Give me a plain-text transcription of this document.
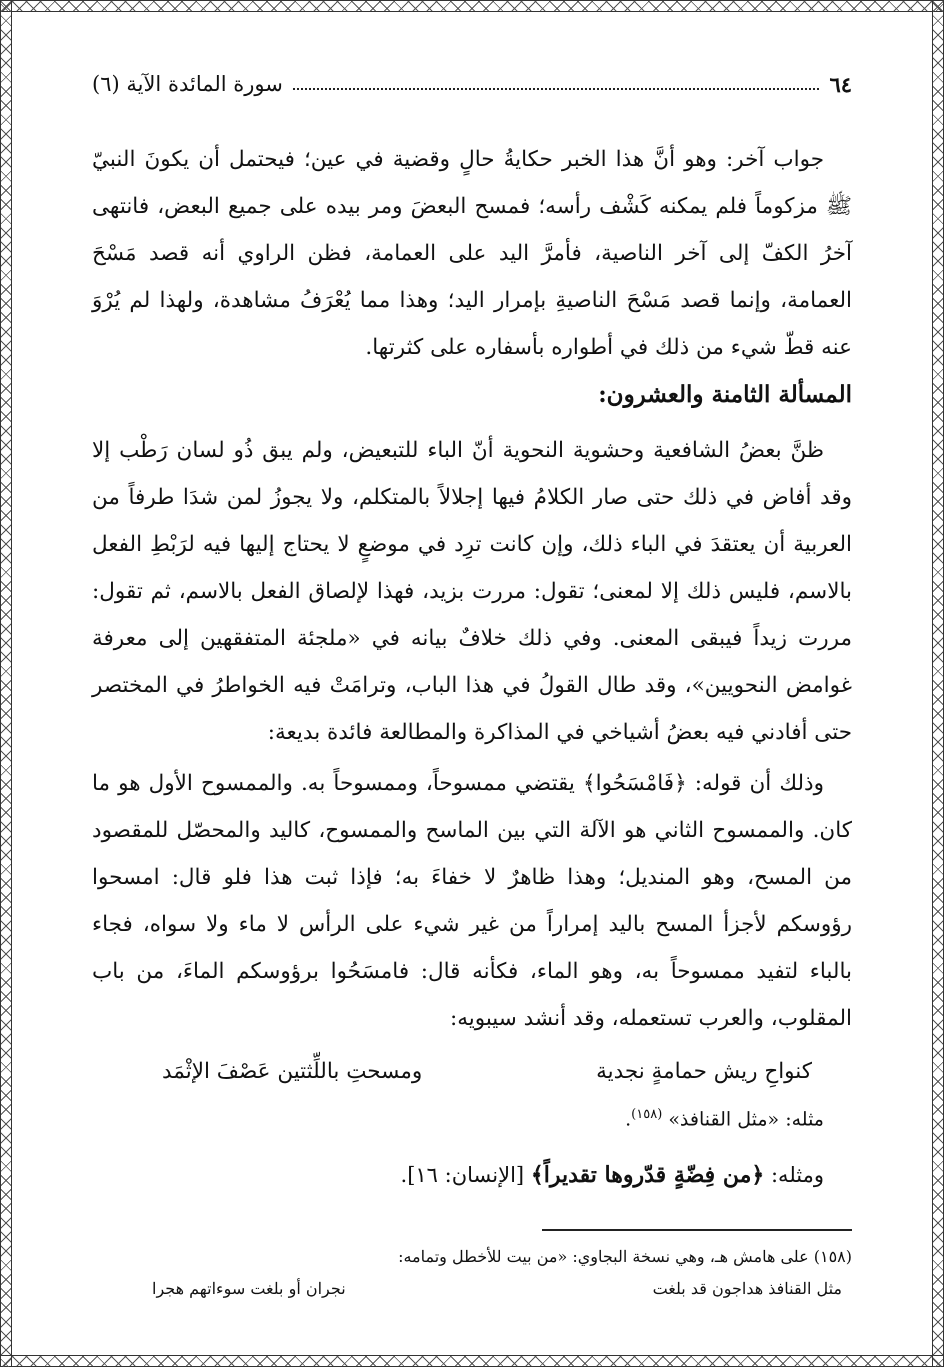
٦٤
سورة المائدة الآية (٦)

جواب آخر: وهو أنَّ هذا الخبر حكايةُ حالٍ وقضية في عين؛ فيحتمل أن يكونَ النبيّ ﷺ مزكوماً فلم يمكنه كَشْف رأسه؛ فمسح البعضَ ومر بيده على جميع البعض، فانتهى آخرُ الكفّ إلى آخر الناصية، فأمرَّ اليد على العمامة، فظن الراوي أنه قصد مَسْحَ العمامة، وإنما قصد مَسْحَ الناصيةِ بإمرار اليد؛ وهذا مما يُعْرَفُ مشاهدة، ولهذا لم يُرْوَ عنه قطّ شيء من ذلك في أطواره بأسفاره على كثرتها.

المسألة الثامنة والعشرون:

ظنَّ بعضُ الشافعية وحشوية النحوية أنّ الباء للتبعيض، ولم يبق ذُو لسان رَطْب إلا وقد أفاض في ذلك حتى صار الكلامُ فيها إجلالاً بالمتكلم، ولا يجوزُ لمن شدَا طرفاً من العربية أن يعتقدَ في الباء ذلك، وإن كانت ترِد في موضعٍ لا يحتاج إليها فيه لرَبْطِ الفعل بالاسم، فليس ذلك إلا لمعنى؛ تقول: مررت بزيد، فهذا لإلصاق الفعل بالاسم، ثم تقول: مررت زيداً فيبقى المعنى. وفي ذلك خلافٌ بيانه في «ملجئة المتفقهين إلى معرفة غوامض النحويين»، وقد طال القولُ في هذا الباب، وترامَتْ فيه الخواطرُ في المختصر حتى أفادني فيه بعضُ أشياخي في المذاكرة والمطالعة فائدة بديعة:

وذلك أن قوله: ﴿فَامْسَحُوا﴾ يقتضي ممسوحاً، وممسوحاً به. والممسوح الأول هو ما كان. والممسوح الثاني هو الآلة التي بين الماسح والممسوح، كاليد والمحصّل للمقصود من المسح، وهو المنديل؛ وهذا ظاهرٌ لا خفاءَ به؛ فإذا ثبت هذا فلو قال: امسحوا رؤوسكم لأجزأ المسح باليد إمراراً من غير شيء على الرأس لا ماء ولا سواه، فجاء بالباء لتفيد ممسوحاً به، وهو الماء، فكأنه قال: فامسَحُوا برؤوسكم الماءَ، من باب المقلوب، والعرب تستعمله، وقد أنشد سيبويه:

كنواحِ ريش حمامةٍ نجدية
ومسحتِ باللِّثتين عَصْفَ الإثْمَد
مثله: «مثل القنافذ» $^{(١٥٨)}$.
ومثله: ﴿من فِضّةٍ قدّروها تقديراً﴾ [الإنسان: ١٦].
(١٥٨) على هامش هـ، وهي نسخة البجاوي: «من بيت للأخطل وتمامه:
مثل القنافذ هداجون قد بلغت
نجران أو بلغت سوءاتهم هجرا
